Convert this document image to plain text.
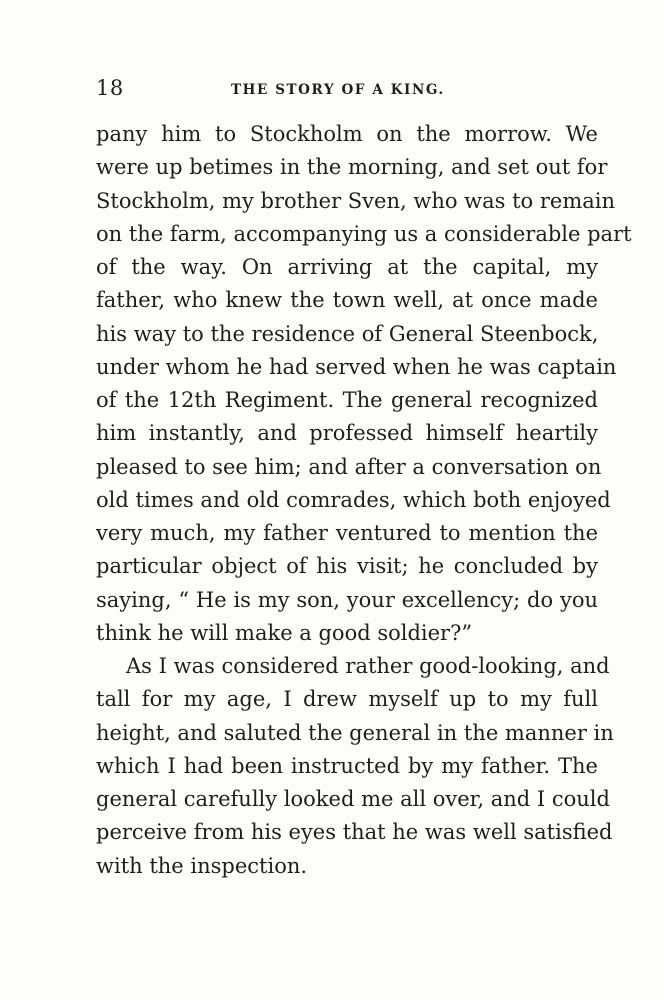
18	THE STORY OF A KING.
pany him to Stockholm on the morrow. We
were up betimes in the morning, and set out for
Stockholm, my brother Sven, who was to remain
on the farm, accompanying us a considerable part
of the way. On arriving at the capital, my
father, who knew the town well, at once made
his way to the residence of General Steenbock,
under whom he had served when he was captain
of the 12th Regiment. The general recognized
him instantly, and professed himself heartily
pleased to see him; and after a conversation on
old times and old comrades, which both enjoyed
very much, my father ventured to mention the
particular object of his visit; he concluded by
saying, “ He is my son, your excellency; do you
think he will make a good soldier?”
As I was considered rather good-looking, and
tall for my age, I drew myself up to my full
height, and saluted the general in the manner in
which I had been instructed by my father. The
general carefully looked me all over, and I could
perceive from his eyes that he was well satisfied
with the inspection.
